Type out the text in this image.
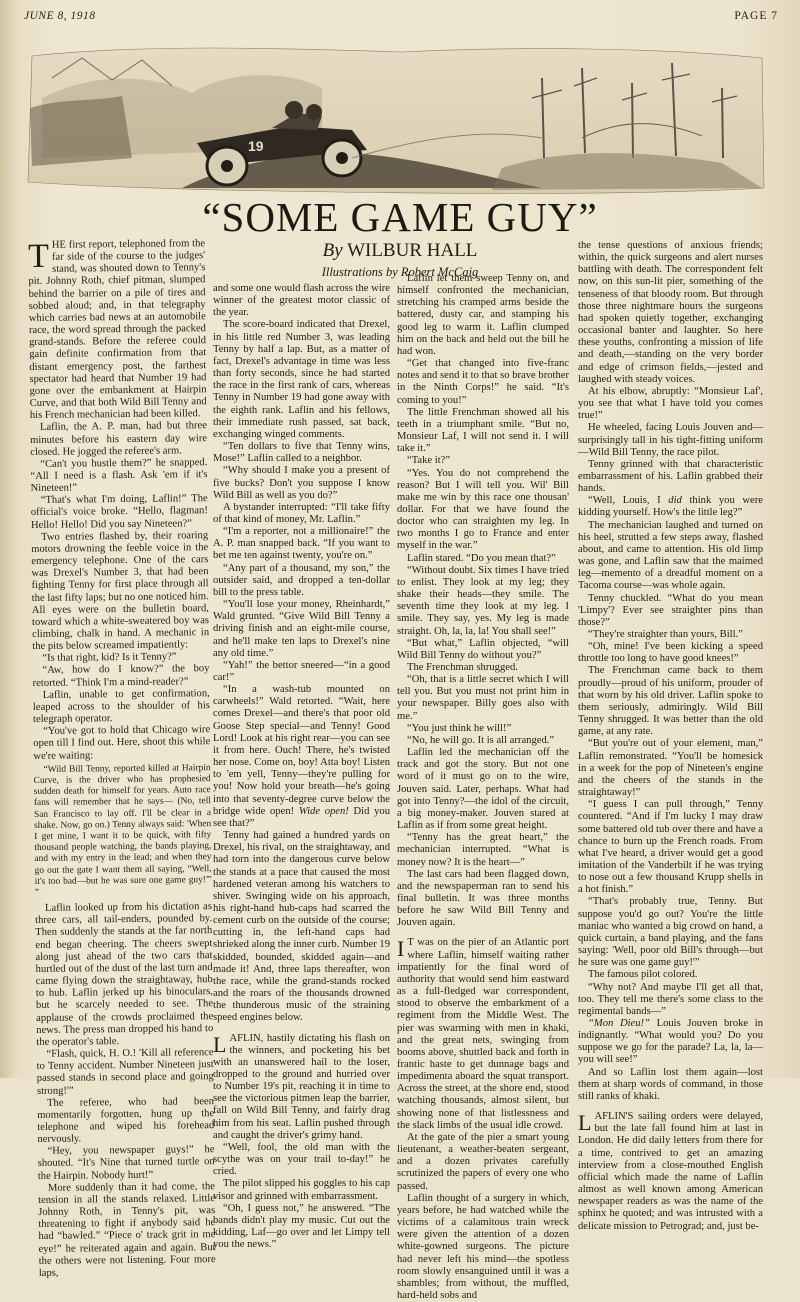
JUNE 8, 1918	PAGE 7
19
“SOME GAME GUY”
By WILBUR HALL
Illustrations by Robert McCaig

THE first report, telephoned from the far side of the course to the judges' stand, was shouted down to Tenny's pit. Johnny Roth, chief pitman, slumped behind the barrier on a pile of tires and sobbed aloud; and, in that telegraphy which carries bad news at an automobile race, the word spread through the packed grand-stands. Before the referee could gain definite confirmation from that distant emergency post, the farthest spectator had heard that Number 19 had gone over the embankment at Hairpin Curve, and that both Wild Bill Tenny and his French mechanician had been killed.

Laflin, the A. P. man, had but three minutes before his eastern day wire closed. He jogged the referee's arm.

“Can't you hustle them?” he snapped. “All I need is a flash. Ask 'em if it's Nineteen!”

“That's what I'm doing, Laflin!” The official's voice broke. “Hello, flagman! Hello! Hello! Did you say Nineteen?”

Two entries flashed by, their roaring motors drowning the feeble voice in the emergency telephone. One of the cars was Drexel's Number 3, that had been fighting Tenny for first place through all the last fifty laps; but no one noticed him. All eyes were on the bulletin board, toward which a white-sweatered boy was climbing, chalk in hand. A mechanic in the pits below screamed impatiently:

“Is that right, kid? Is it Tenny?”

“Aw, how do I know?” the boy retorted. “Think I'm a mind-reader?”

Laflin, unable to get confirmation, leaped across to the shoulder of his telegraph operator.

“You've got to hold that Chicago wire open till I find out. Here, shoot this while we're waiting:

“Wild Bill Tenny, reported killed at Hairpin Curve, is the driver who has prophesied sudden death for himself for years. Auto race fans will remember that he says— (No, tell San Francisco to lay off. I'll be clear in a shake. Now, go on.) Tenny always said: 'When I get mine, I want it to be quick, with fifty thousand people watching, the bands playing, and with my entry in the lead; and when they go out the gate I want them all saying, “Well, it's too bad—but he was sure one game guy!”' ”

Laflin looked up from his dictation as three cars, all tail-enders, pounded by. Then suddenly the stands at the far north end began cheering. The cheers swept along just ahead of the two cars that hurtled out of the dust of the last turn and came flying down the straightaway, hub to hub. Laflin jerked up his binoculars, but he scarcely needed to see. The applause of the crowds proclaimed the news. The press man dropped his hand to the operator's table.

“Flash, quick, H. O.! 'Kill all reference to Tenny accident. Number Nineteen just passed stands in second place and going strong!'”

The referee, who had been momentarily forgotten, hung up the telephone and wiped his forehead nervously.

“Hey, you newspaper guys!” he shouted. “It's Nine that turned turtle on the Hairpin. Nobody hurt!”

More suddenly than it had come, the tension in all the stands relaxed. Little Johnny Roth, in Tenny's pit, was threatening to fight if anybody said he had “bawled.” “Piece o' track grit in me eye!” he reiterated again and again. But the others were not listening. Four more laps,

and some one would flash across the wire winner of the greatest motor classic of the year.

The score-board indicated that Drexel, in his little red Number 3, was leading Tenny by half a lap. But, as a matter of fact, Drexel's advantage in time was less than forty seconds, since he had started the race in the first rank of cars, whereas Tenny in Number 19 had gone away with the eighth rank. Laflin and his fellows, their immediate rush passed, sat back, exchanging winged comments.

“Ten dollars to five that Tenny wins, Mose!” Laflin called to a neighbor.

“Why should I make you a present of five bucks? Don't you suppose I know Wild Bill as well as you do?”

A bystander interrupted: “I'll take fifty of that kind of money, Mr. Laflin.”

“I'm a reporter, not a millionaire!” the A. P. man snapped back. “If you want to bet me ten against twenty, you're on.”

“Any part of a thousand, my son,” the outsider said, and dropped a ten-dollar bill to the press table.

“You'll lose your money, Rheinhardt,” Wald grunted. “Give Wild Bill Tenny a driving finish and an eight-mile course, and he'll make ten laps to Drexel's nine any old time.”

“Yah!” the bettor sneered—“in a good car!”

“In a wash-tub mounted on carwheels!” Wald retorted. “Wait, here comes Drexel—and there's that poor old Goose Step special—and Tenny! Good Lord! Look at his right rear—you can see it from here. Ouch! There, he's twisted her nose. Come on, boy! Atta boy! Listen to 'em yell, Tenny—they're pulling for you! Now hold your breath—he's going into that seventy-degree curve below the bridge wide open! Wide open! Did you see that?”

Tenny had gained a hundred yards on Drexel, his rival, on the straightaway, and had torn into the dangerous curve below the stands at a pace that caused the most hardened veteran among his watchers to shiver. Swinging wide on his approach, his right-hand hub-caps had scarred the cement curb on the outside of the course; cutting in, the left-hand caps had shrieked along the inner curb. Number 19 skidded, bounded, skidded again—and made it! And, three laps thereafter, won the race, while the grand-stands rocked and the roars of the thousands drowned the thunderous music of the straining speed engines below.

LAFLIN, hastily dictating his flash on the winners, and pocketing his bet with an unanswered hail to the loser, dropped to the ground and hurried over to Number 19's pit, reaching it in time to see the victorious pitmen leap the barrier, fall on Wild Bill Tenny, and fairly drag him from his seat. Laflin pushed through and caught the driver's grimy hand.

“Well, fool, the old man with the scythe was on your trail to-day!” he cried.

The pilot slipped his goggles to his cap visor and grinned with embarrassment.

“Oh, I guess not,” he answered. “The bands didn't play my music. Cut out the kidding, Laf—go over and let Limpy tell you the news.”

Laflin let them sweep Tenny on, and himself confronted the mechanician, stretching his cramped arms beside the battered, dusty car, and stamping his good leg to warm it. Laflin clumped him on the back and held out the bill he had won.

“Get that changed into five-franc notes and send it to that so brave brother in the Ninth Corps!” he said. “It's coming to you!”

The little Frenchman showed all his teeth in a triumphant smile. “But no, Monsieur Laf, I will not send it. I will take it.”

“Take it?”

“Yes. You do not comprehend the reason? But I will tell you. Wil' Bill make me win by this race one thousan' dollar. For that we have found the doctor who can straighten my leg. In two months I go to France and enter myself in the war.”

Laflin stared. “Do you mean that?”

“Without doubt. Six times I have tried to enlist. They look at my leg; they shake their heads—they smile. The seventh time they look at my leg. I smile. They say, yes. My leg is made straight. Oh, la, la, la! You shall see!”

“But what,” Laflin objected, “will Wild Bill Tenny do without you?”

The Frenchman shrugged.

“Oh, that is a little secret which I will tell you. But you must not print him in your newspaper. Billy goes also with me.”

“You just think he will!”

“No, he will go. It is all arranged.”

Laflin led the mechanician off the track and got the story. But not one word of it must go on to the wire, Jouven said. Later, perhaps. What had got into Tenny?—the idol of the circuit, a big money-maker. Jouven stared at Laflin as if from some great height.

“Tenny has the great heart,” the mechanician interrupted. “What is money now? It is the heart—”

The last cars had been flagged down, and the newspaperman ran to send his final bulletin. It was three months before he saw Wild Bill Tenny and Jouven again.

I T was on the pier of an Atlantic port where Laflin, himself waiting rather impatiently for the final word of authority that would send him eastward as a full-fledged war correspondent, stood to observe the embarkment of a regiment from the Middle West. The pier was swarming with men in khaki, and the great nets, swinging from booms above, shuttled back and forth in frantic haste to get dunnage bags and impedimenta aboard the squat transport. Across the street, at the shore end, stood watching thousands, almost silent, but showing none of that listlessness and the slack limbs of the usual idle crowd.

At the gate of the pier a smart young lieutenant, a weather-beaten sergeant, and a dozen privates carefully scrutinized the papers of every one who passed.

Laflin thought of a surgery in which, years before, he had watched while the victims of a calamitous train wreck were given the attention of a dozen white-gowned surgeons. The picture had never left his mind—the spotless room slowly ensanguined until it was a shambles; from without, the muffled, hard-held sobs and

the tense questions of anxious friends; within, the quick surgeons and alert nurses battling with death. The correspondent felt now, on this sun-lit pier, something of the tenseness of that bloody room. But through those three nightmare hours the surgeons had spoken quietly together, exchanging occasional banter and laughter. So here these youths, confronting a mission of life and death,—standing on the very border and edge of crimson fields,—jested and laughed with steady voices.

At his elbow, abruptly: “Monsieur Laf', you see that what I have told you comes true!”

He wheeled, facing Louis Jouven and—surprisingly tall in his tight-fitting uniform—Wild Bill Tenny, the race pilot.

Tenny grinned with that characteristic embarrassment of his. Laflin grabbed their hands.

“Well, Louis, I did think you were kidding yourself. How's the little leg?”

The mechanician laughed and turned on his heel, strutted a few steps away, flashed about, and came to attention. His old limp was gone, and Laflin saw that the maimed leg—memento of a dreadful moment on a Tacoma course—was whole again.

Tenny chuckled. “What do you mean 'Limpy'? Ever see straighter pins than those?”

“They're straighter than yours, Bill.”

“Oh, mine! I've been kicking a speed throttle too long to have good knees!”

The Frenchman came back to them proudly—proud of his uniform, prouder of that worn by his old driver. Laflin spoke to them seriously, admiringly. Wild Bill Tenny shrugged. It was better than the old game, at any rate.

“But you're out of your element, man,” Laflin remonstrated. “You'll be homesick in a week for the pop of Nineteen's engine and the cheers of the stands in the straightaway!”

“I guess I can pull through,” Tenny countered. “And if I'm lucky I may draw some battered old tub over there and have a chance to burn up the French roads. From what I've heard, a driver would get a good imitation of the Vanderbilt if he was trying to nose out a few thousand Krupp shells in a hot finish.”

“That's probably true, Tenny. But suppose you'd go out? You're the little maniac who wanted a big crowd on hand, a quick curtain, a band playing, and the fans saying: 'Well, poor old Bill's through—but he sure was one game guy!'”

The famous pilot colored.

“Why not? And maybe I'll get all that, too. They tell me there's some class to the regimental bands—”

“Mon Dieu!” Louis Jouven broke in indignantly. “What would you? Do you suppose we go for the parade? La, la, la—you will see!”

And so Laflin lost them again—lost them at sharp words of command, in those still ranks of khaki.

LAFLIN'S sailing orders were delayed, but the late fall found him at last in London. He did daily letters from there for a time, contrived to get an amazing interview from a close-mouthed English official which made the name of Laflin almost as well known among American newspaper readers as was the name of the sphinx he quoted; and was intrusted with a delicate mission to Petrograd; and, just be-
